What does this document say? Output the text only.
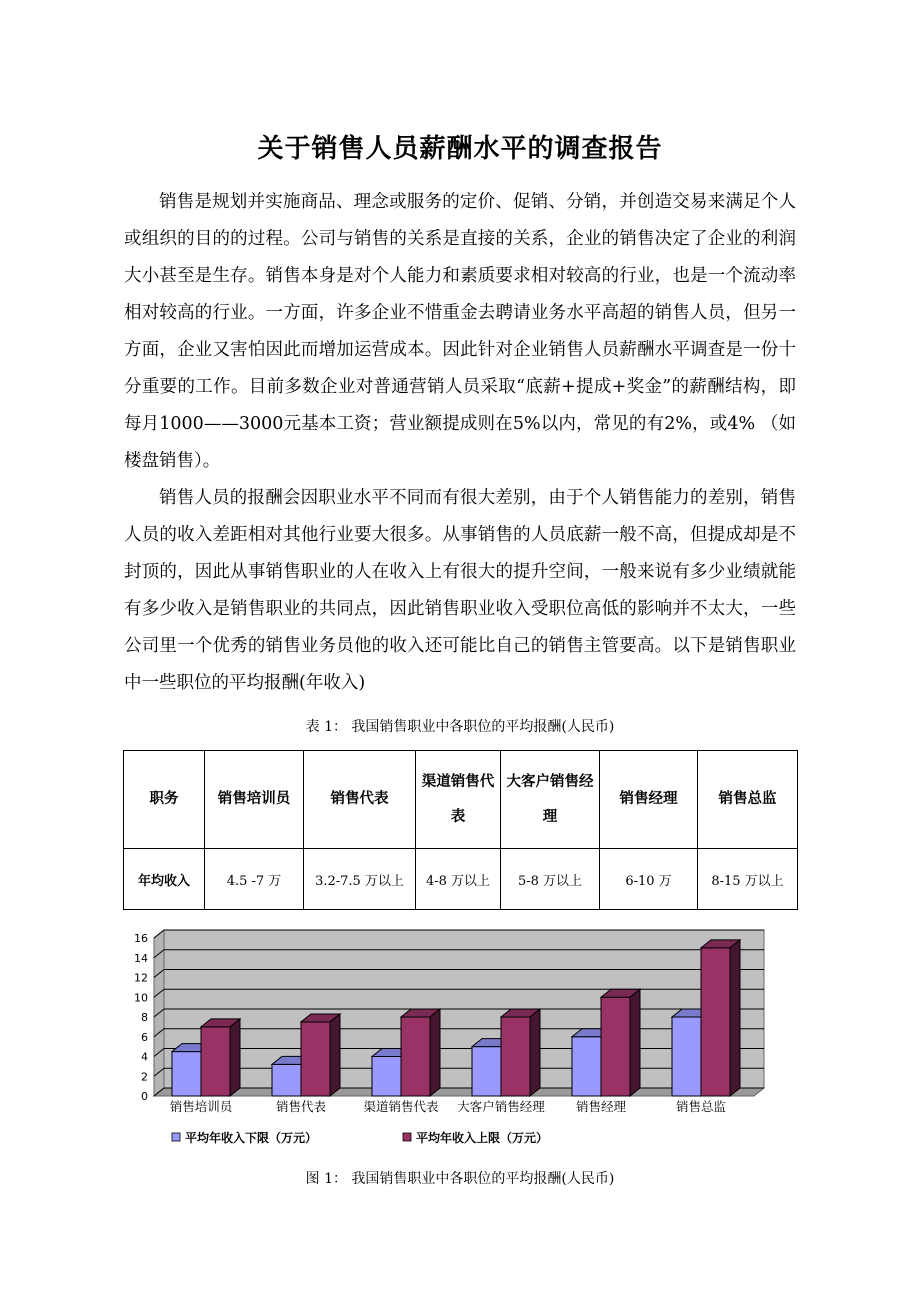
关于销售人员薪酬水平的调查报告

销售是规划并实施商品、理念或服务的定价、促销、分销，并创造交易来满足个人或组织的目的的过程。公司与销售的关系是直接的关系，企业的销售决定了企业的利润大小甚至是生存。销售本身是对个人能力和素质要求相对较高的行业，也是一个流动率相对较高的行业。一方面，许多企业不惜重金去聘请业务水平高超的销售人员，但另一方面，企业又害怕因此而增加运营成本。因此针对企业销售人员薪酬水平调查是一份十分重要的工作。目前多数企业对普通营销人员采取“底薪+提成+奖金”的薪酬结构，即每月1000——3000元基本工资；营业额提成则在5%以内，常见的有2%，或4% （如楼盘销售）。

销售人员的报酬会因职业水平不同而有很大差别，由于个人销售能力的差别，销售人员的收入差距相对其他行业要大很多。从事销售的人员底薪一般不高，但提成却是不封顶的，因此从事销售职业的人在收入上有很大的提升空间，一般来说有多少业绩就能有多少收入是销售职业的共同点，因此销售职业收入受职位高低的影响并不太大，一些公司里一个优秀的销售业务员他的收入还可能比自己的销售主管要高。以下是销售职业中一些职位的平均报酬(年收入)

表 1： 我国销售职业中各职位的平均报酬(人民币)
职务	销售培训员	销售代表	渠道销售代表	大客户销售经理	销售经理	销售总监
年均收入	4.5 -7 万	3.2-7.5 万以上	4-8 万以上	5-8 万以上	6-10 万	8-15 万以上
0
2
4
6
8
10
12
14
16
销售培训员	销售代表	渠道销售代表 大客户销售经理 销售经理	销售总监
平均年收入下限（万元）	平均年收入上限（万元）
图 1： 我国销售职业中各职位的平均报酬(人民币)
